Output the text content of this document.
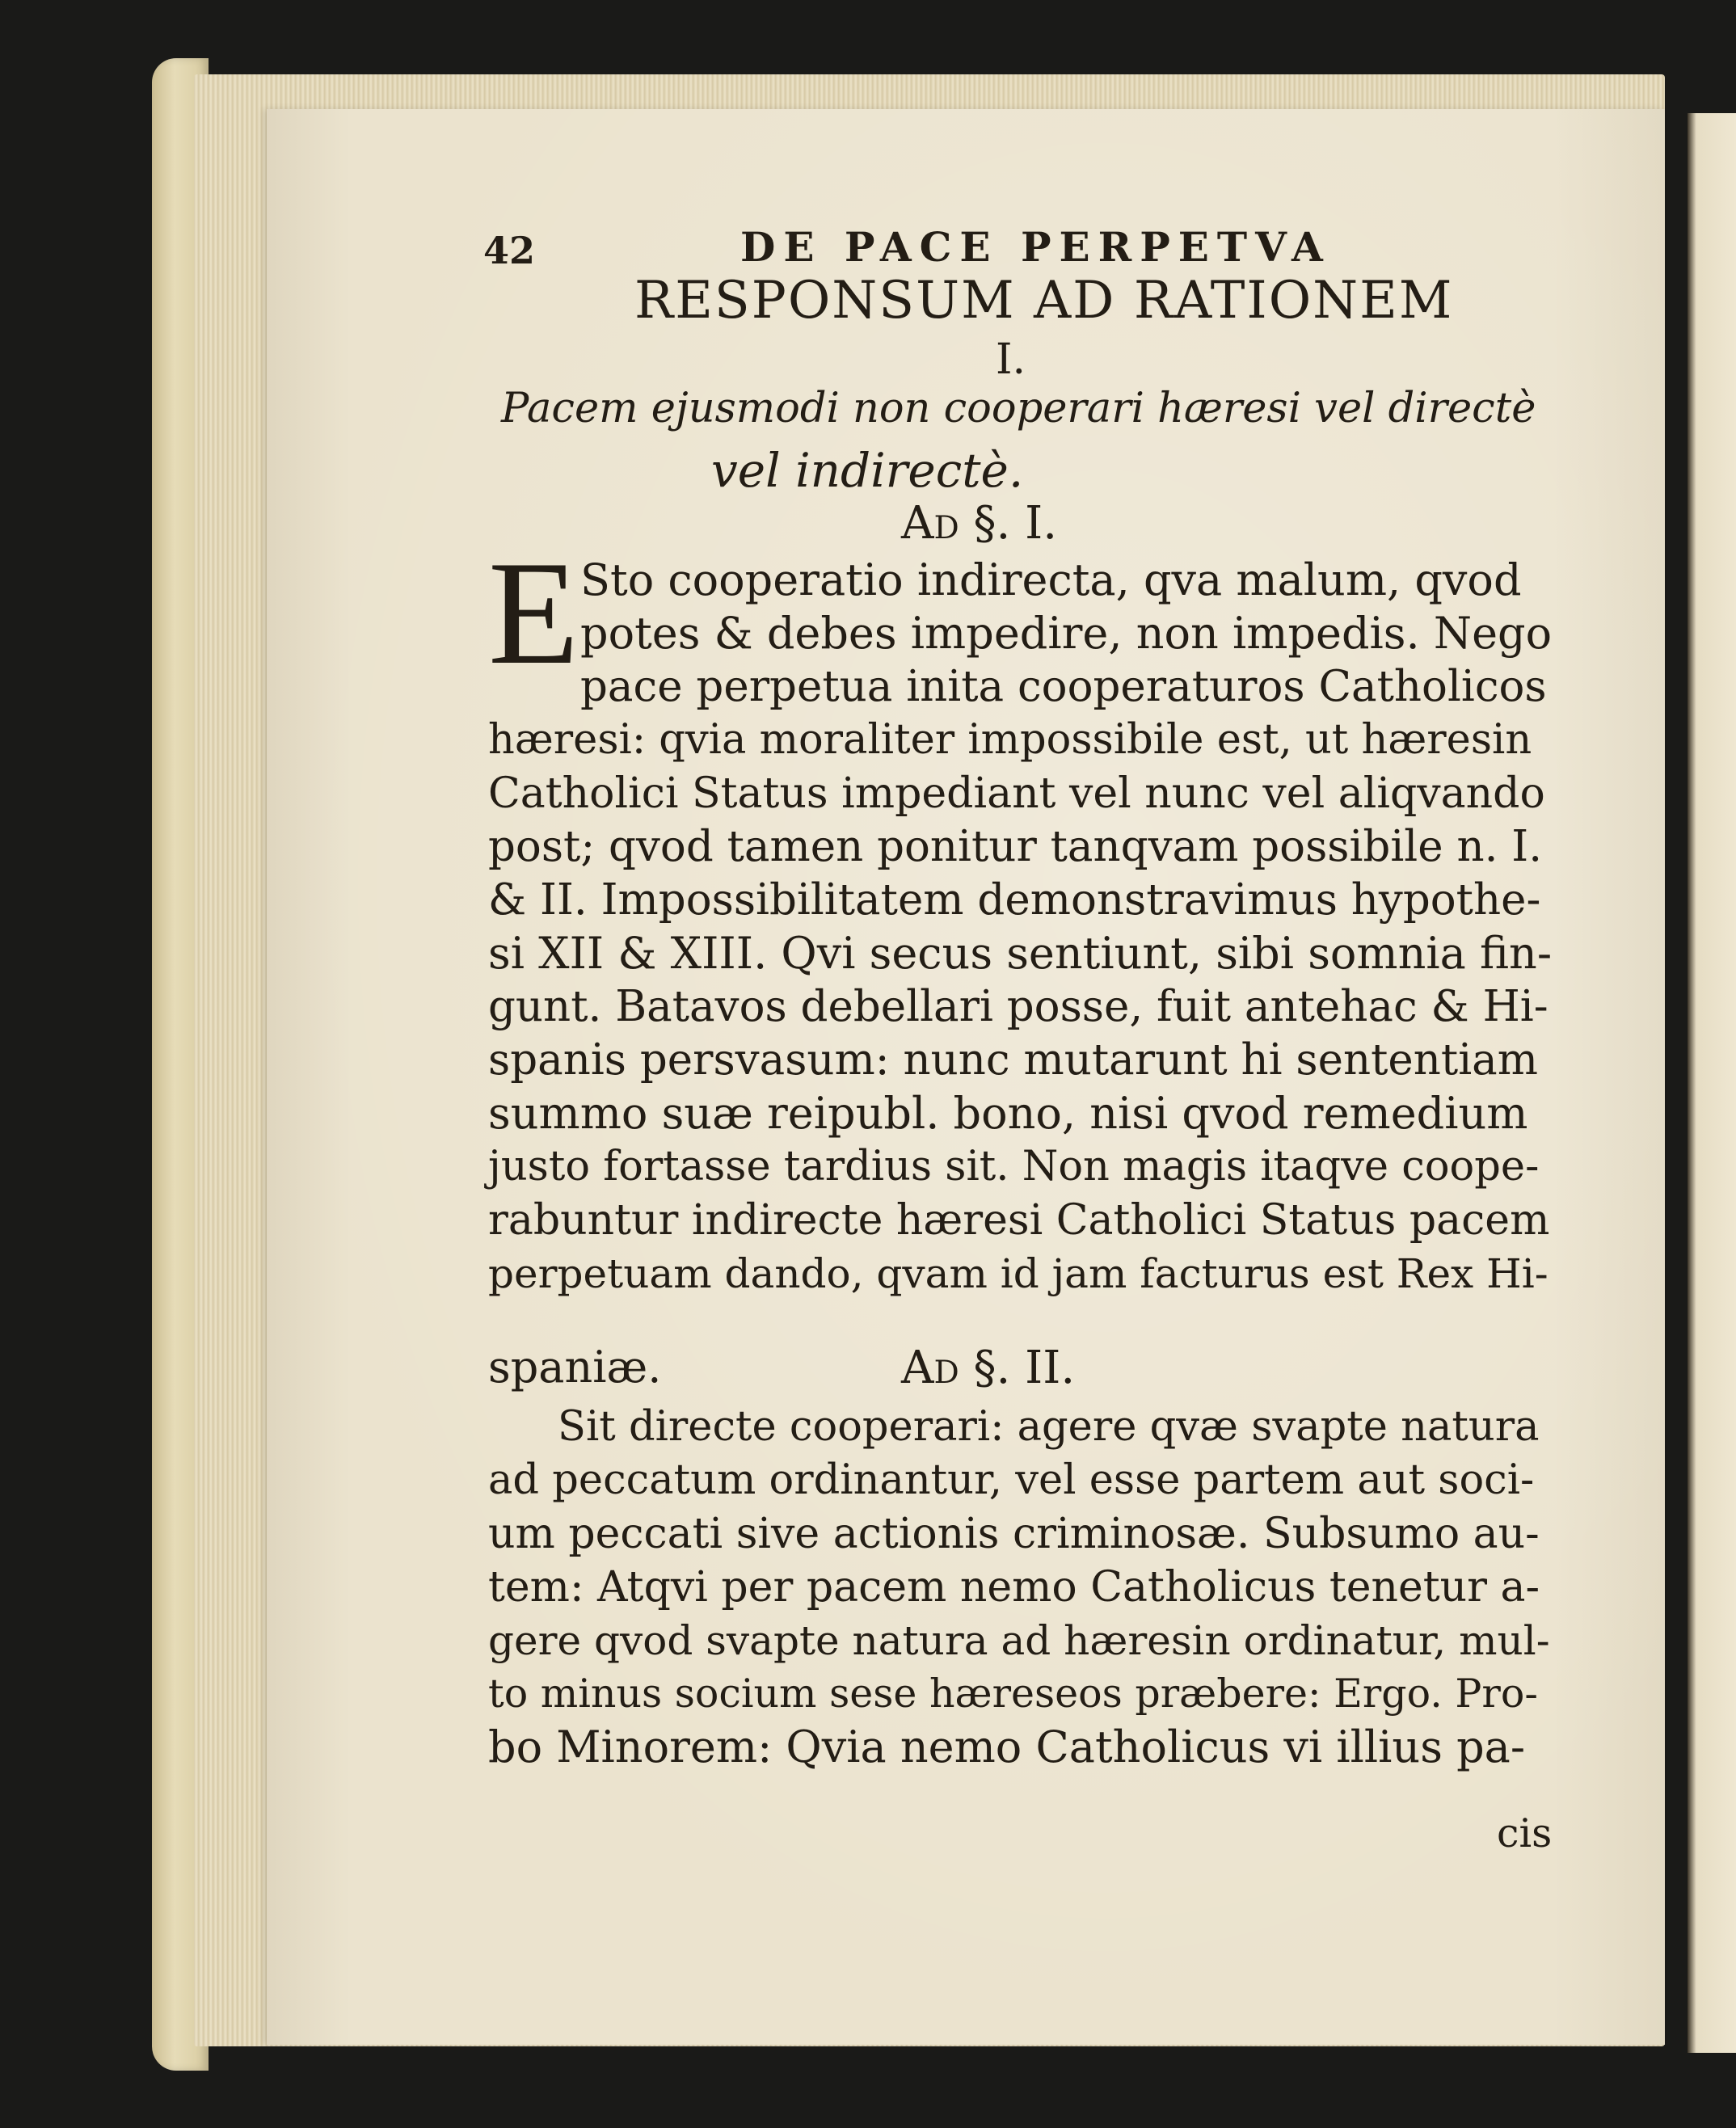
42	DE PACE PERPETVA
RESPONSUM AD RATIONEM
I.
Pacem ejusmodi non cooperari hæresi vel directè
vel indirectè.
Ad §. I.
E Sto cooperatio indirecta, qva malum, qvod
potes & debes impedire, non impedis. Nego
pace perpetua inita cooperaturos Catholicos
hæresi: qvia moraliter impossibile est, ut hæresin
Catholici Status impediant vel nunc vel aliqvando
post; qvod tamen ponitur tanqvam possibile n. I.
& II. Impossibilitatem demonstravimus hypothe-
si XII & XIII. Qvi secus sentiunt, sibi somnia fin-
gunt. Batavos debellari posse, fuit antehac & Hi-
spanis persvasum: nunc mutarunt hi sententiam
summo suæ reipubl. bono, nisi qvod remedium
justo fortasse tardius sit. Non magis itaqve coope-
rabuntur indirecte hæresi Catholici Status pacem
perpetuam dando, qvam id jam facturus est Rex Hi-
spaniæ.	Ad §. II.
Sit directe cooperari: agere qvæ svapte natura
ad peccatum ordinantur, vel esse partem aut soci-
um peccati sive actionis criminosæ. Subsumo au-
tem: Atqvi per pacem nemo Catholicus tenetur a-
gere qvod svapte natura ad hæresin ordinatur, mul-
to minus socium sese hæreseos præbere: Ergo. Pro-
bo Minorem: Qvia nemo Catholicus vi illius pa-
cis
